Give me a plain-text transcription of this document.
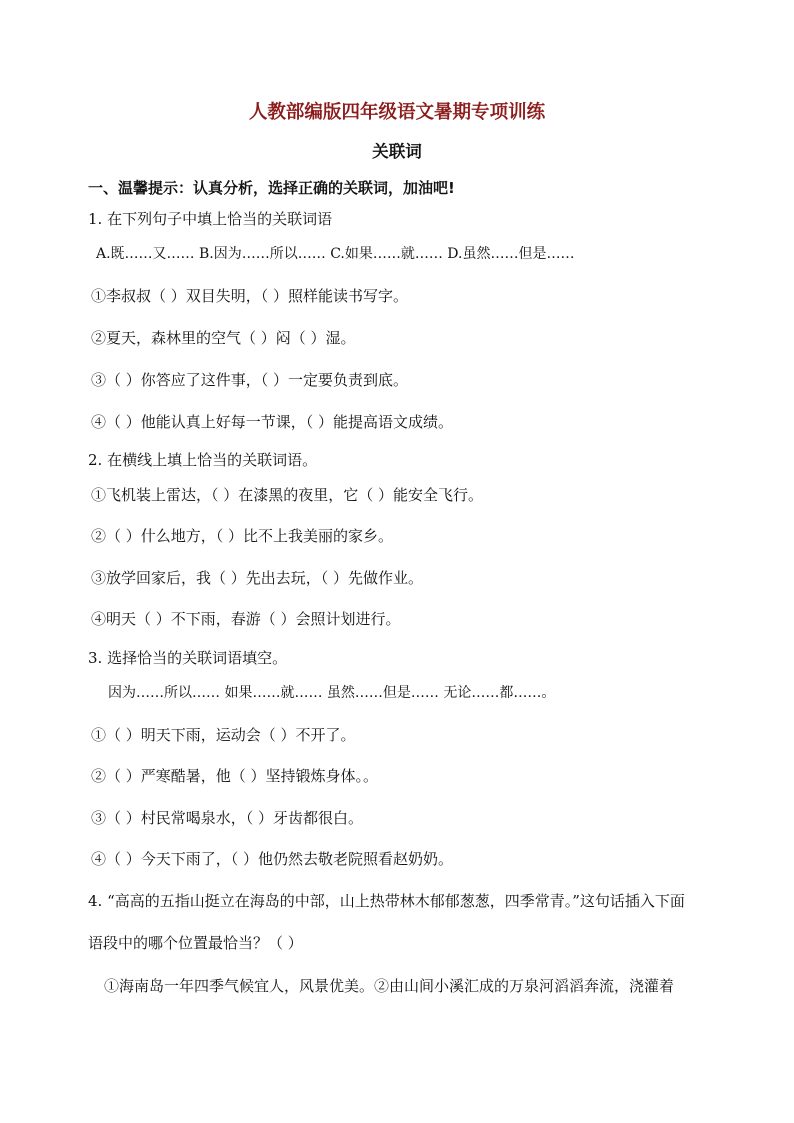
人教部编版四年级语文暑期专项训练
关联词
一、温馨提示：认真分析，选择正确的关联词，加油吧!
1. 在下列句子中填上恰当的关联词语
A.既……又…… B.因为……所以…… C.如果……就…… D.虽然……但是……
①李叔叔（ ）双目失明，（ ）照样能读书写字。
②夏天，森林里的空气（ ）闷（ ）湿。
③（ ）你答应了这件事，（ ）一定要负责到底。
④（ ）他能认真上好每一节课，（ ）能提高语文成绩。
2. 在横线上填上恰当的关联词语。
①飞机装上雷达，（ ）在漆黑的夜里，它（ ）能安全飞行。
②（ ）什么地方，（ ）比不上我美丽的家乡。
③放学回家后，我（ ）先出去玩，（ ）先做作业。
④明天（ ）不下雨，春游（ ）会照计划进行。
3. 选择恰当的关联词语填空。
因为……所以…… 如果……就…… 虽然……但是…… 无论……都……。
①（ ）明天下雨，运动会（ ）不开了。
②（ ）严寒酷暑，他（ ）坚持锻炼身体。。
③（ ）村民常喝泉水，（ ）牙齿都很白。
④（ ）今天下雨了，（ ）他仍然去敬老院照看赵奶奶。
4. “高高的五指山挺立在海岛的中部，山上热带林木郁郁葱葱，四季常青。”这句话插入下面
语段中的哪个位置最恰当？（ ）
①海南岛一年四季气候宜人，风景优美。②由山间小溪汇成的万泉河滔滔奔流，浇灌着
